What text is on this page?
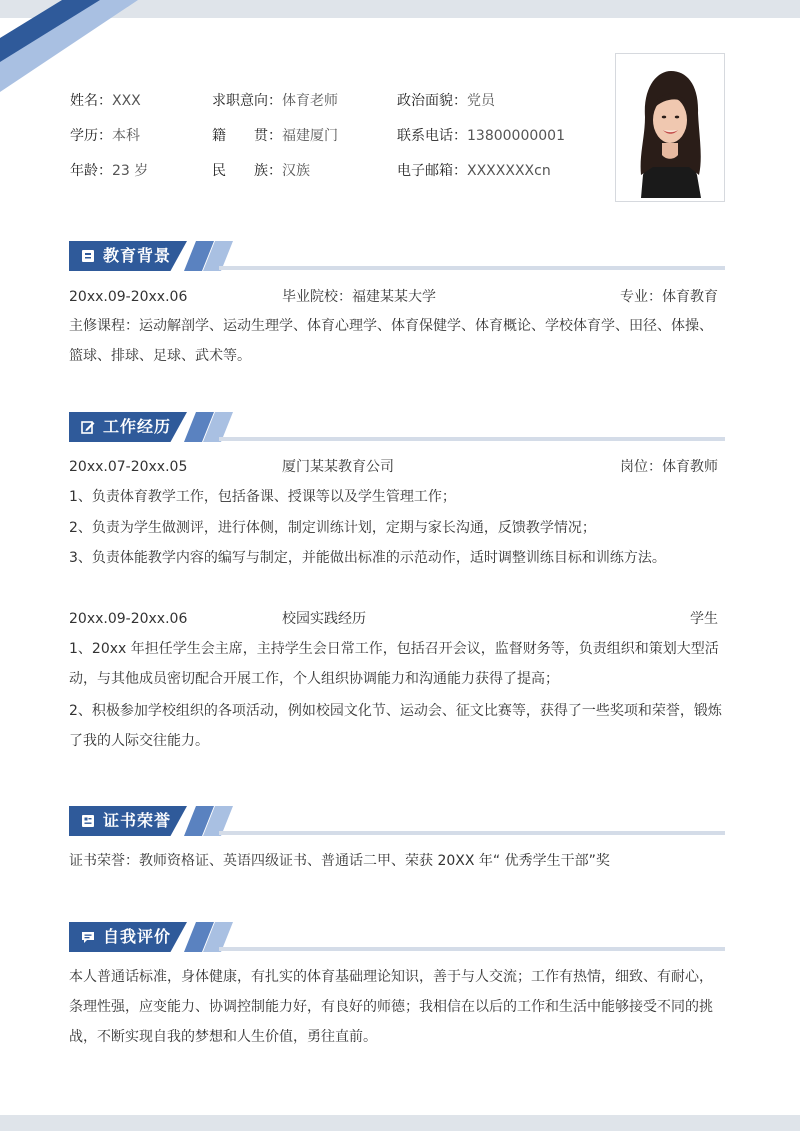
姓名：XXX	求职意向：体育老师	政治面貌：党员
学历：本科	籍　　贯：福建厦门	联系电话：13800000001
年龄：23 岁	民　　族：汉族	电子邮箱：XXXXXXXcn
教育背景
20xx.09-20xx.06	毕业院校：福建某某大学	专业：体育教育
主修课程：运动解剖学、运动生理学、体育心理学、体育保健学、体育概论、学校体育学、田径、体操、篮球、排球、足球、武术等。
工作经历
20xx.07-20xx.05	厦门某某教育公司	岗位：体育教师
1、负责体育教学工作，包括备课、授课等以及学生管理工作；
2、负责为学生做测评，进行体侧，制定训练计划，定期与家长沟通，反馈教学情况；
3、负责体能教学内容的编写与制定，并能做出标准的示范动作，适时调整训练目标和训练方法。
20xx.09-20xx.06	校园实践经历	学生
1、20xx 年担任学生会主席，主持学生会日常工作，包括召开会议，监督财务等，负责组织和策划大型活动，与其他成员密切配合开展工作，个人组织协调能力和沟通能力获得了提高；
2、积极参加学校组织的各项活动，例如校园文化节、运动会、征文比赛等，获得了一些奖项和荣誉，锻炼了我的人际交往能力。
证书荣誉
证书荣誉：教师资格证、英语四级证书、普通话二甲、荣获 20XX 年“ 优秀学生干部”奖
自我评价
本人普通话标准，身体健康，有扎实的体育基础理论知识，善于与人交流；工作有热情，细致、有耐心，条理性强，应变能力、协调控制能力好，有良好的师德；我相信在以后的工作和生活中能够接受不同的挑战，不断实现自我的梦想和人生价值，勇往直前。
